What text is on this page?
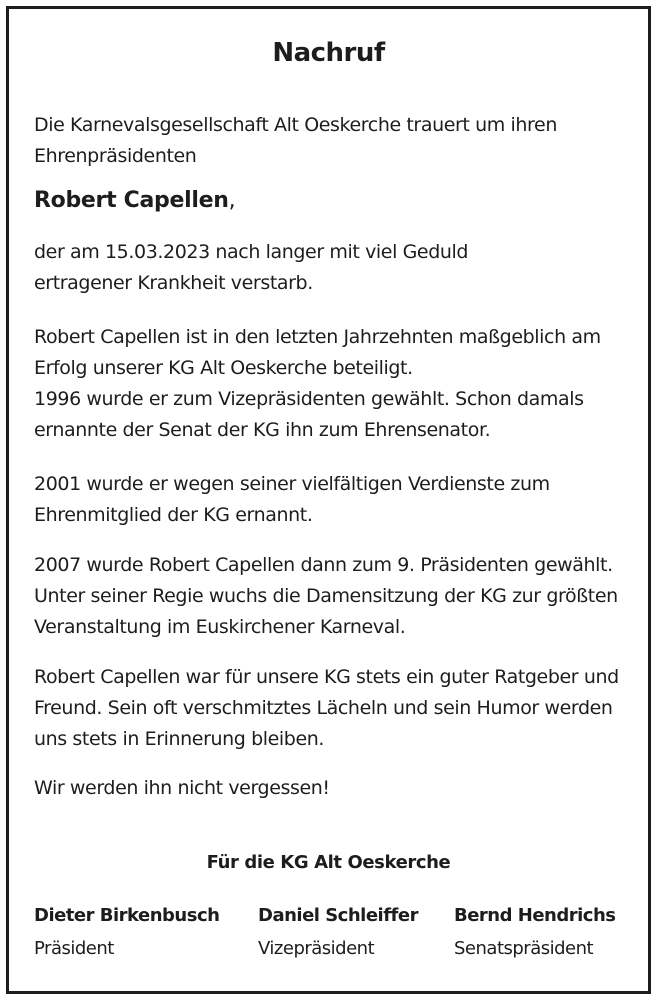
Nachruf

Die Karnevalsgesellschaft Alt Oeskerche trauert um ihren Ehrenpräsidenten

Robert Capellen,

der am 15.03.2023 nach langer mit viel Geduld ertragener Krankheit verstarb.

Robert Capellen ist in den letzten Jahrzehnten maßgeblich am Erfolg unserer KG Alt Oeskerche beteiligt.

1996 wurde er zum Vizepräsidenten gewählt. Schon damals ernannte der Senat der KG ihn zum Ehrensenator.

2001 wurde er wegen seiner vielfältigen Verdienste zum Ehrenmitglied der KG ernannt.

2007 wurde Robert Capellen dann zum 9. Präsidenten gewählt. Unter seiner Regie wuchs die Damensitzung der KG zur größten Veranstaltung im Euskirchener Karneval.

Robert Capellen war für unsere KG stets ein guter Ratgeber und Freund. Sein oft verschmitztes Lächeln und sein Humor werden uns stets in Erinnerung bleiben.

Wir werden ihn nicht vergessen!

Für die KG Alt Oeskerche
Dieter Birkenbusch
Präsident
Daniel Schleiffer
Vizepräsident
Bernd Hendrichs
Senatspräsident
